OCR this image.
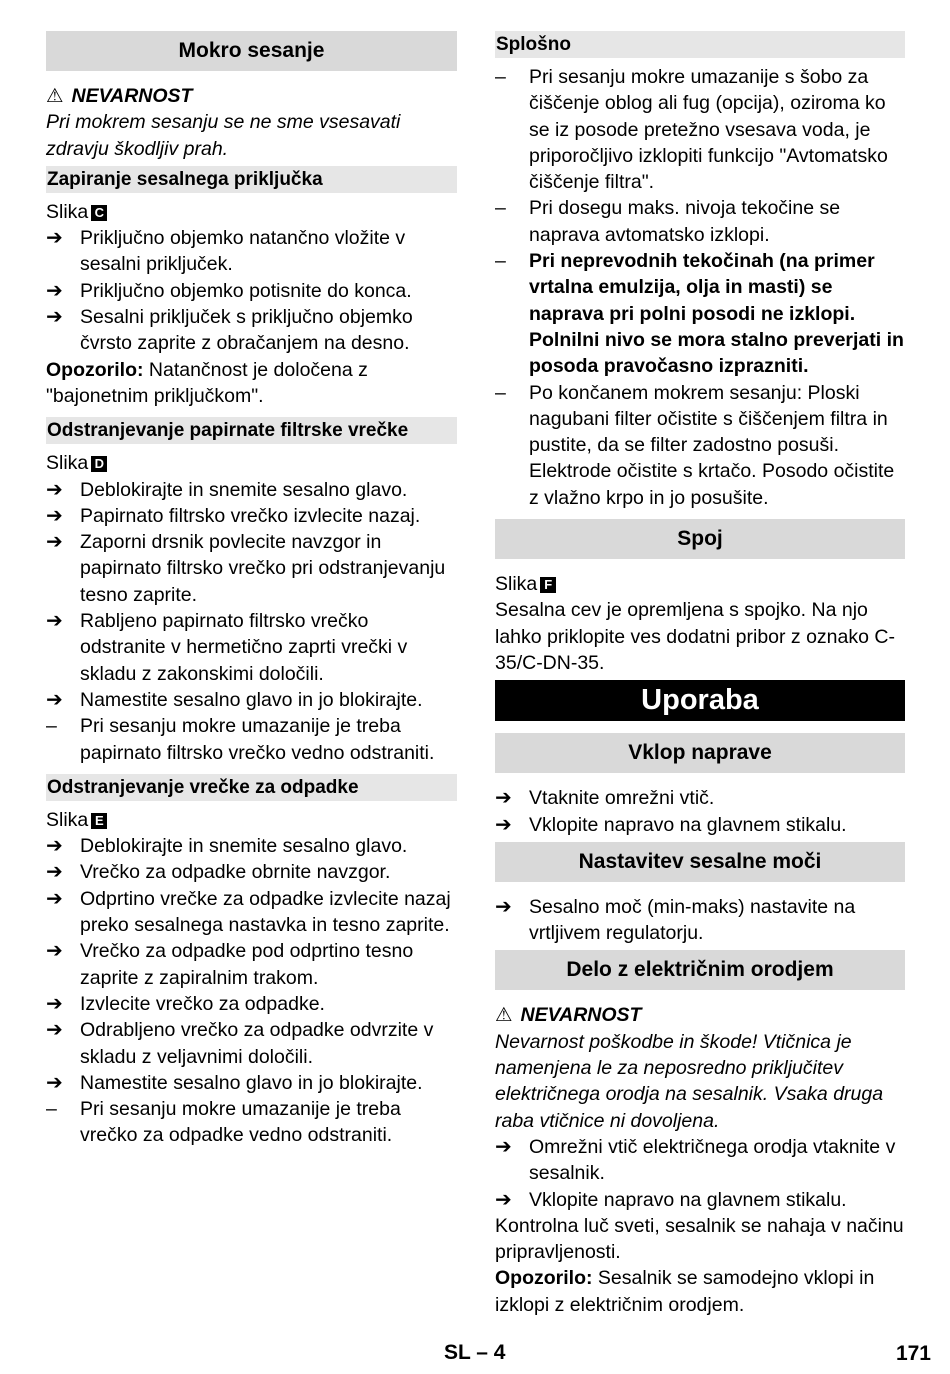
Mokro sesanje
⚠ NEVARNOST

Pri mokrem sesanju se ne sme vsesavati zdravju škodljiv prah.

Zapiranje sesalnega priključka

Slika C

➔ Priključno objemko natančno vložite v sesalni priključek.
➔ Priključno objemko potisnite do konca.
➔ Sesalni priključek s priključno objemko čvrsto zaprite z obračanjem na desno.

Opozorilo: Natančnost je določena z "bajonetnim priključkom".

Odstranjevanje papirnate filtrske vrečke

Slika D

➔ Deblokirajte in snemite sesalno glavo.
➔ Papirnato filtrsko vrečko izvlecite nazaj.
➔ Zaporni drsnik povlecite navzgor in papirnato filtrsko vrečko pri odstranjevanju tesno zaprite.
➔ Rabljeno papirnato filtrsko vrečko odstranite v hermetično zaprti vrečki v skladu z zakonskimi določili.
➔ Namestite sesalno glavo in jo blokirajte.
–	Pri sesanju mokre umazanije je treba papirnato filtrsko vrečko vedno odstraniti.
Odstranjevanje vrečke za odpadke

Slika E

➔ Deblokirajte in snemite sesalno glavo.
➔ Vrečko za odpadke obrnite navzgor.
➔ Odprtino vrečke za odpadke izvlecite nazaj preko sesalnega nastavka in tesno zaprite.
➔ Vrečko za odpadke pod odprtino tesno zaprite z zapiralnim trakom.
➔ Izvlecite vrečko za odpadke.
➔ Odrabljeno vrečko za odpadke odvrzite v skladu z veljavnimi določili.
➔ Namestite sesalno glavo in jo blokirajte.
–	Pri sesanju mokre umazanije je treba vrečko za odpadke vedno odstraniti.
Splošno
–	Pri sesanju mokre umazanije s šobo za čiščenje oblog ali fug (opcija), oziroma ko se iz posode pretežno vsesava voda, je priporočljivo izklopiti funkcijo "Avtomatsko čiščenje filtra".
–	Pri dosegu maks. nivoja tekočine se naprava avtomatsko izklopi.
–	Pri neprevodnih tekočinah (na primer vrtalna emulzija, olja in masti) se naprava pri polni posodi ne izklopi. Polnilni nivo se mora stalno preverjati in posoda pravočasno izprazniti.
–	Po končanem mokrem sesanju: Ploski nagubani filter očistite s čiščenjem filtra in pustite, da se filter zadostno posuši. Elektrode očistite s krtačo. Posodo očistite z vlažno krpo in jo posušite.
Spoj

Slika F

Sesalna cev je opremljena s spojko. Na njo lahko priklopite ves dodatni pribor z oznako C-35/C-DN-35.

Uporaba
Vklop naprave
➔ Vtaknite omrežni vtič.
➔ Vklopite napravo na glavnem stikalu.
Nastavitev sesalne moči
➔ Sesalno moč (min-maks) nastavite na vrtljivem regulatorju.
Delo z električnim orodjem
⚠ NEVARNOST

Nevarnost poškodbe in škode! Vtičnica je namenjena le za neposredno priključitev električnega orodja na sesalnik. Vsaka druga raba vtičnice ni dovoljena.

➔ Omrežni vtič električnega orodja vtaknite v sesalnik.
➔ Vklopite napravo na glavnem stikalu.

Kontrolna luč sveti, sesalnik se nahaja v načinu pripravljenosti.

Opozorilo: Sesalnik se samodejno vklopi in izklopi z električnim orodjem.

SL – 4	171
